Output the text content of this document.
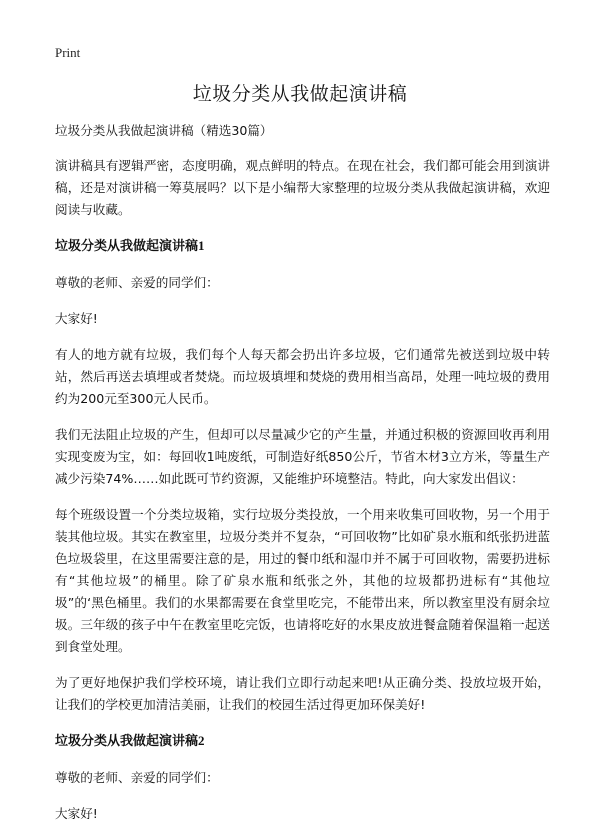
Print
垃圾分类从我做起演讲稿

垃圾分类从我做起演讲稿（精选30篇）

演讲稿具有逻辑严密，态度明确，观点鲜明的特点。在现在社会，我们都可能会用到演讲稿，还是对演讲稿一筹莫展吗？以下是小编帮大家整理的垃圾分类从我做起演讲稿，欢迎阅读与收藏。

垃圾分类从我做起演讲稿1

尊敬的老师、亲爱的同学们：

大家好!

有人的地方就有垃圾，我们每个人每天都会扔出许多垃圾，它们通常先被送到垃圾中转站，然后再送去填埋或者焚烧。而垃圾填埋和焚烧的费用相当高昂，处理一吨垃圾的费用约为200元至300元人民币。

我们无法阻止垃圾的产生，但却可以尽量减少它的产生量，并通过积极的资源回收再利用实现变废为宝，如：每回收1吨废纸，可制造好纸850公斤，节省木材3立方米，等量生产减少污染74%……如此既可节约资源，又能维护环境整洁。特此，向大家发出倡议：

每个班级设置一个分类垃圾箱，实行垃圾分类投放，一个用来收集可回收物，另一个用于装其他垃圾。其实在教室里，垃圾分类并不复杂，“可回收物”比如矿泉水瓶和纸张扔进蓝色垃圾袋里，在这里需要注意的是，用过的餐巾纸和湿巾并不属于可回收物，需要扔进标有“其他垃圾”的桶里。除了矿泉水瓶和纸张之外，其他的垃圾都扔进标有“其他垃圾”的‘黑色桶里。我们的水果都需要在食堂里吃完，不能带出来，所以教室里没有厨余垃圾。三年级的孩子中午在教室里吃完饭，也请将吃好的水果皮放进餐盒随着保温箱一起送到食堂处理。

为了更好地保护我们学校环境，请让我们立即行动起来吧!从正确分类、投放垃圾开始，让我们的学校更加清洁美丽，让我们的校园生活过得更加环保美好!

垃圾分类从我做起演讲稿2

尊敬的老师、亲爱的同学们：

大家好!
